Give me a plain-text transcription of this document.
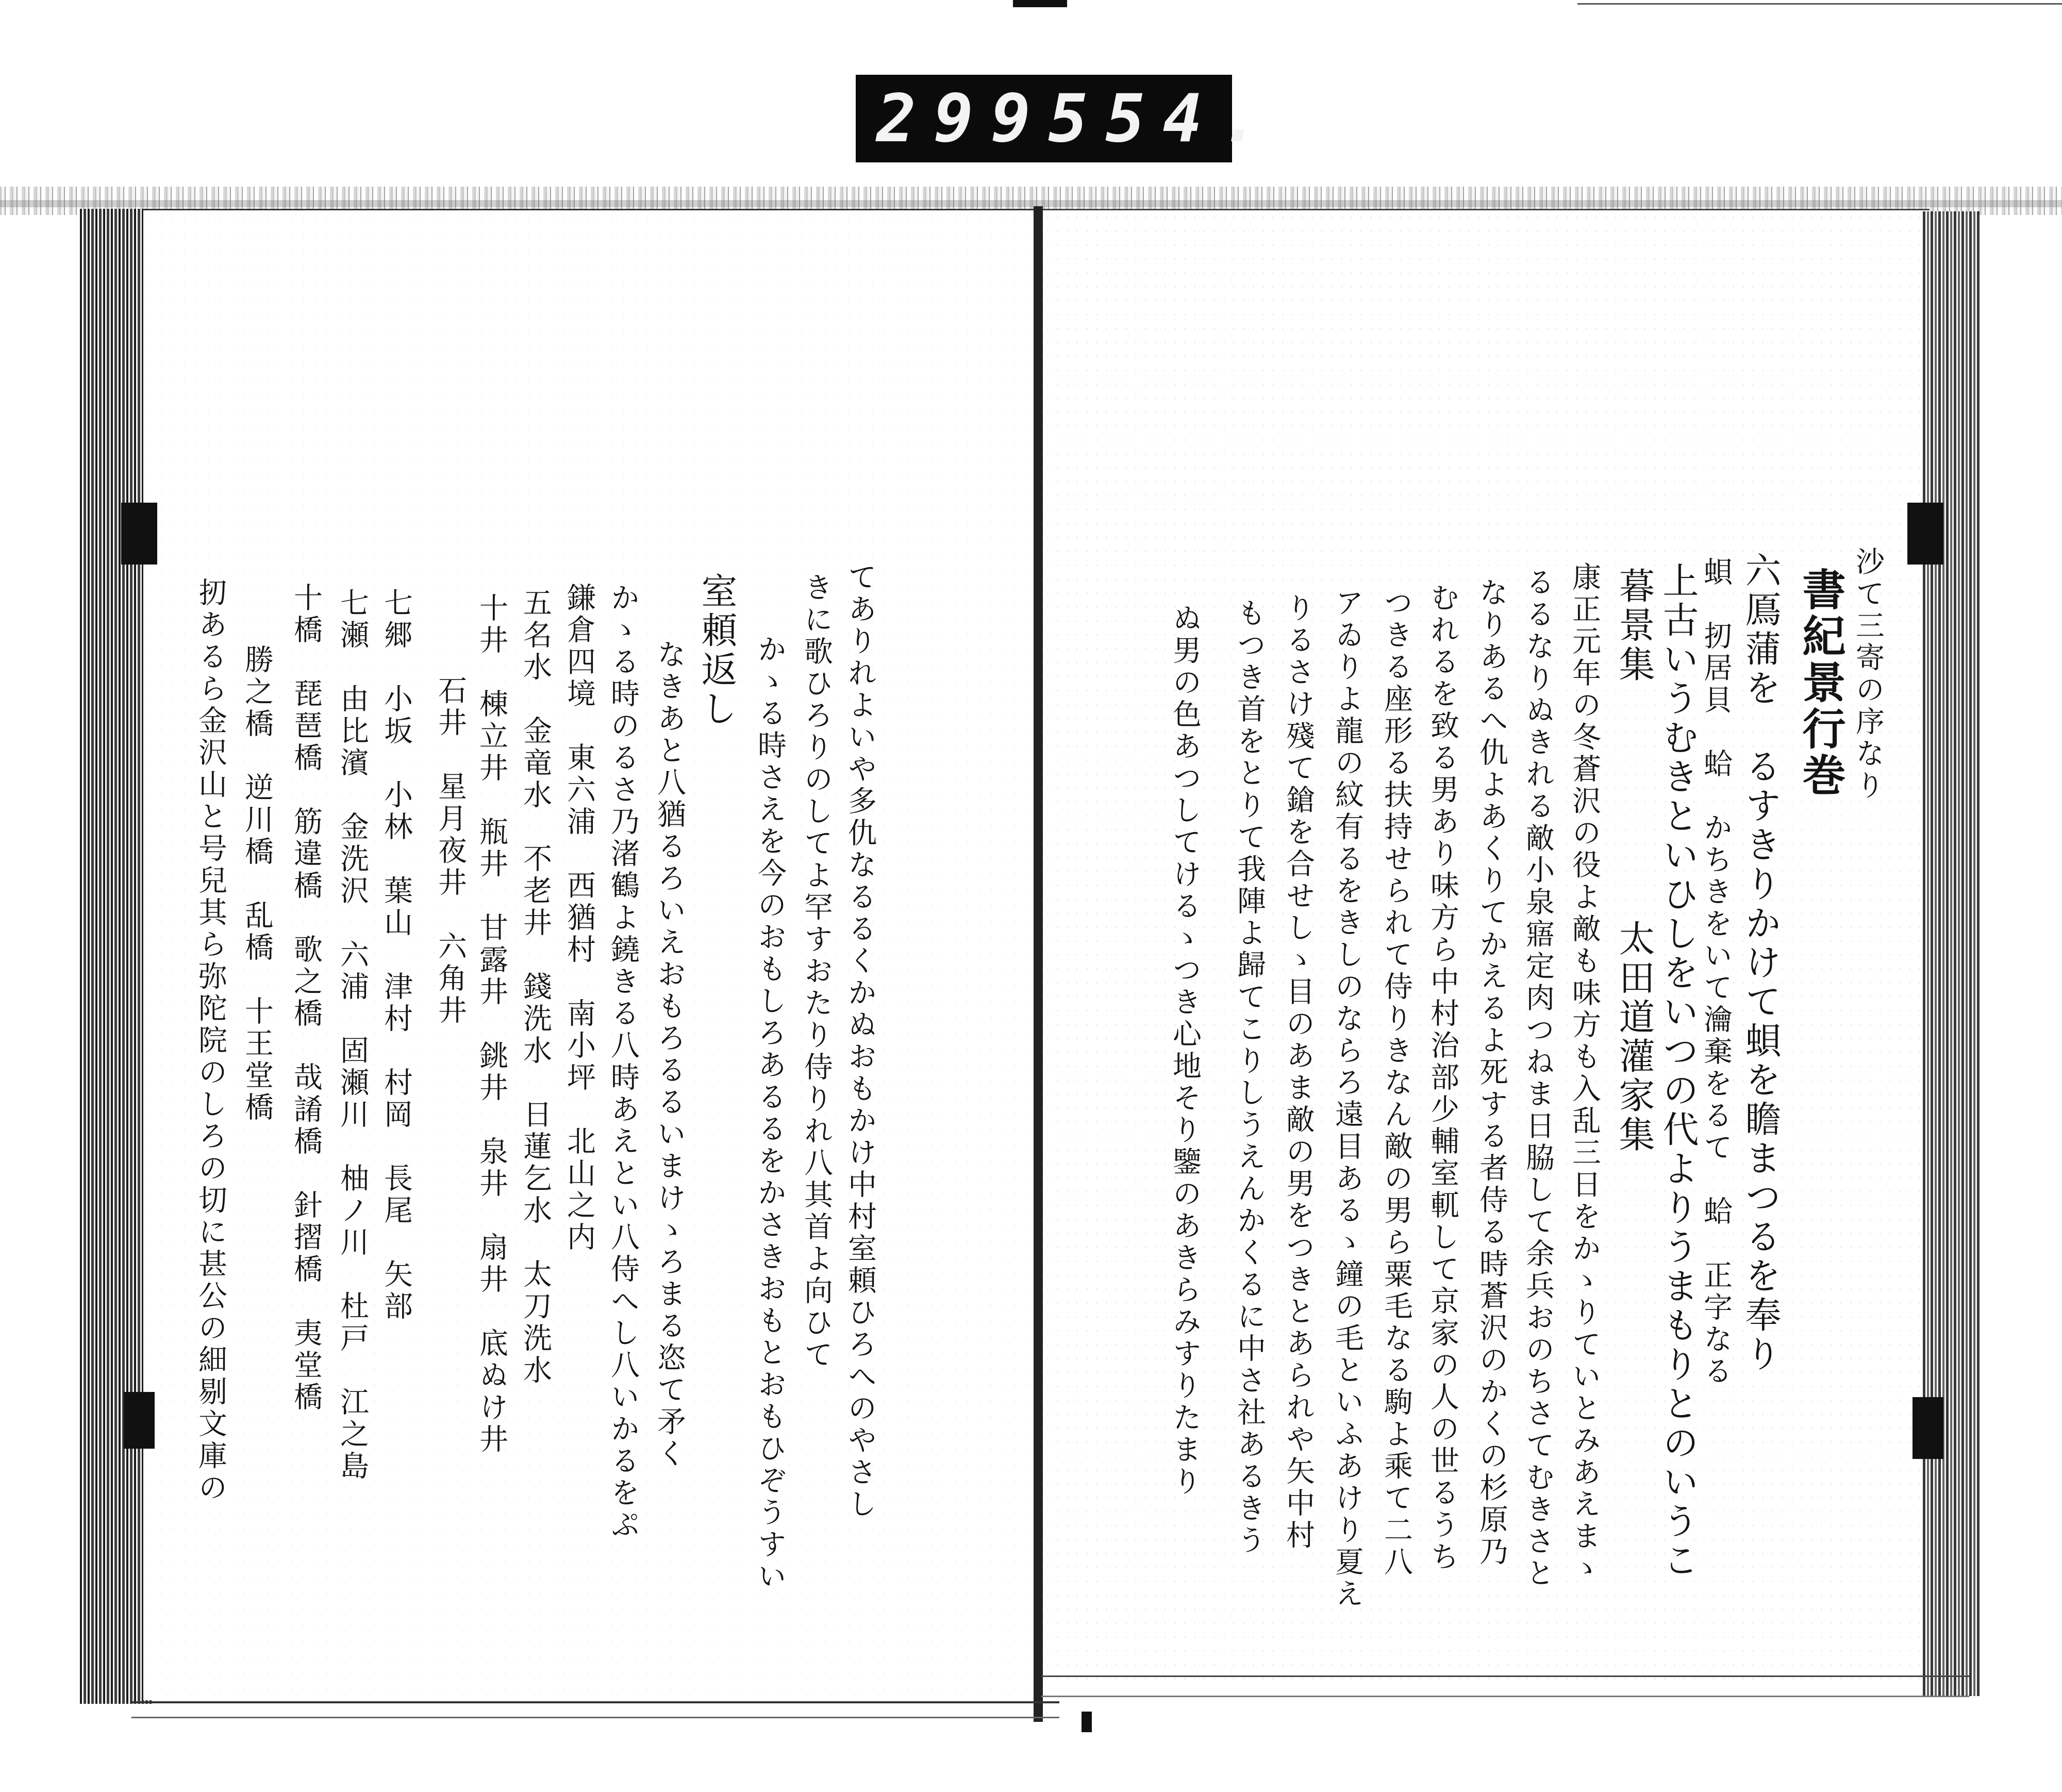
299 554.
沙て三寄の序なり
書紀景行巻
六鳫蒲を　るすきりかけて蛽を瞻まつるを奉り
蛽　扨居貝　蛤　かちきをいて瀹棄をるて　蛤　正字なる
上古いうむきといひしをいつの代よりうまもりとのいうこ
暮景集　　　　　　太田道灌家集
康正元年の冬蒼沢の役よ敵も味方も入乱三日をかゝりていとみあえまゝ
るるなりぬきれる敵小泉寤定肉つねま日脇して余兵おのちさてむきさと
なりあるへ仇よあくりてかえるよ死する者侍る時蒼沢のかくの杉原乃
むれるを致る男あり味方ら中村治部少輔室軏して京家の人の世るうち
つきる座形る扶持せられて侍りきなん敵の男ら粟毛なる駒よ乘て二八
アゐりよ龍の紋有るをきしのならろ遠目あるゝ鐘の毛といふあけり夏え
りるさけ殘て鎗を合せしゝ目のあま敵の男をつきとあられや矢中村
もつき首をとりて我陣よ歸てこりしうえんかくるに中さ社あるきう
ぬ男の色あつしてけるゝつき心地そり鑒のあきらみすりたまり
てありれよいや多仇なるるくかぬおもかけ中村室頼ひろへのやさし
きに歌ひろりのしてよ罕すおたり侍りれ八其首よ向ひて
かゝる時さえを今のおもしろあるるをかさきおもとおもひぞうすい
室頼返し
なきあと八猶るろいえおもろるるいまけゝろまる恣て矛く
かゝる時のるさ乃渚鶴よ鐃きる八時あえとい八侍へし八いかるをぷ
鎌倉四境　東六浦　西猶村　南小坪　北山之内
五名水　金竜水　不老井　錢洗水　日蓮乞水　太刀洗水
十井　棟立井　瓶井　甘露井　銚井　泉井　扇井　底ぬけ井
石井　星月夜井　六角井
七郷　小坂　小林　葉山　津村　村岡　長尾　矢部
七瀬　由比濱　金洗沢　六浦　固瀬川　柚ノ川　杜戸　江之島
十橋　琵琶橋　筋違橋　歌之橋　哉誵橋　針摺橋　夷堂橋
勝之橋　逆川橋　乱橋　十王堂橋
扨あるら金沢山と号兒其ら弥陀院のしろの切に甚公の細剔文庫の
